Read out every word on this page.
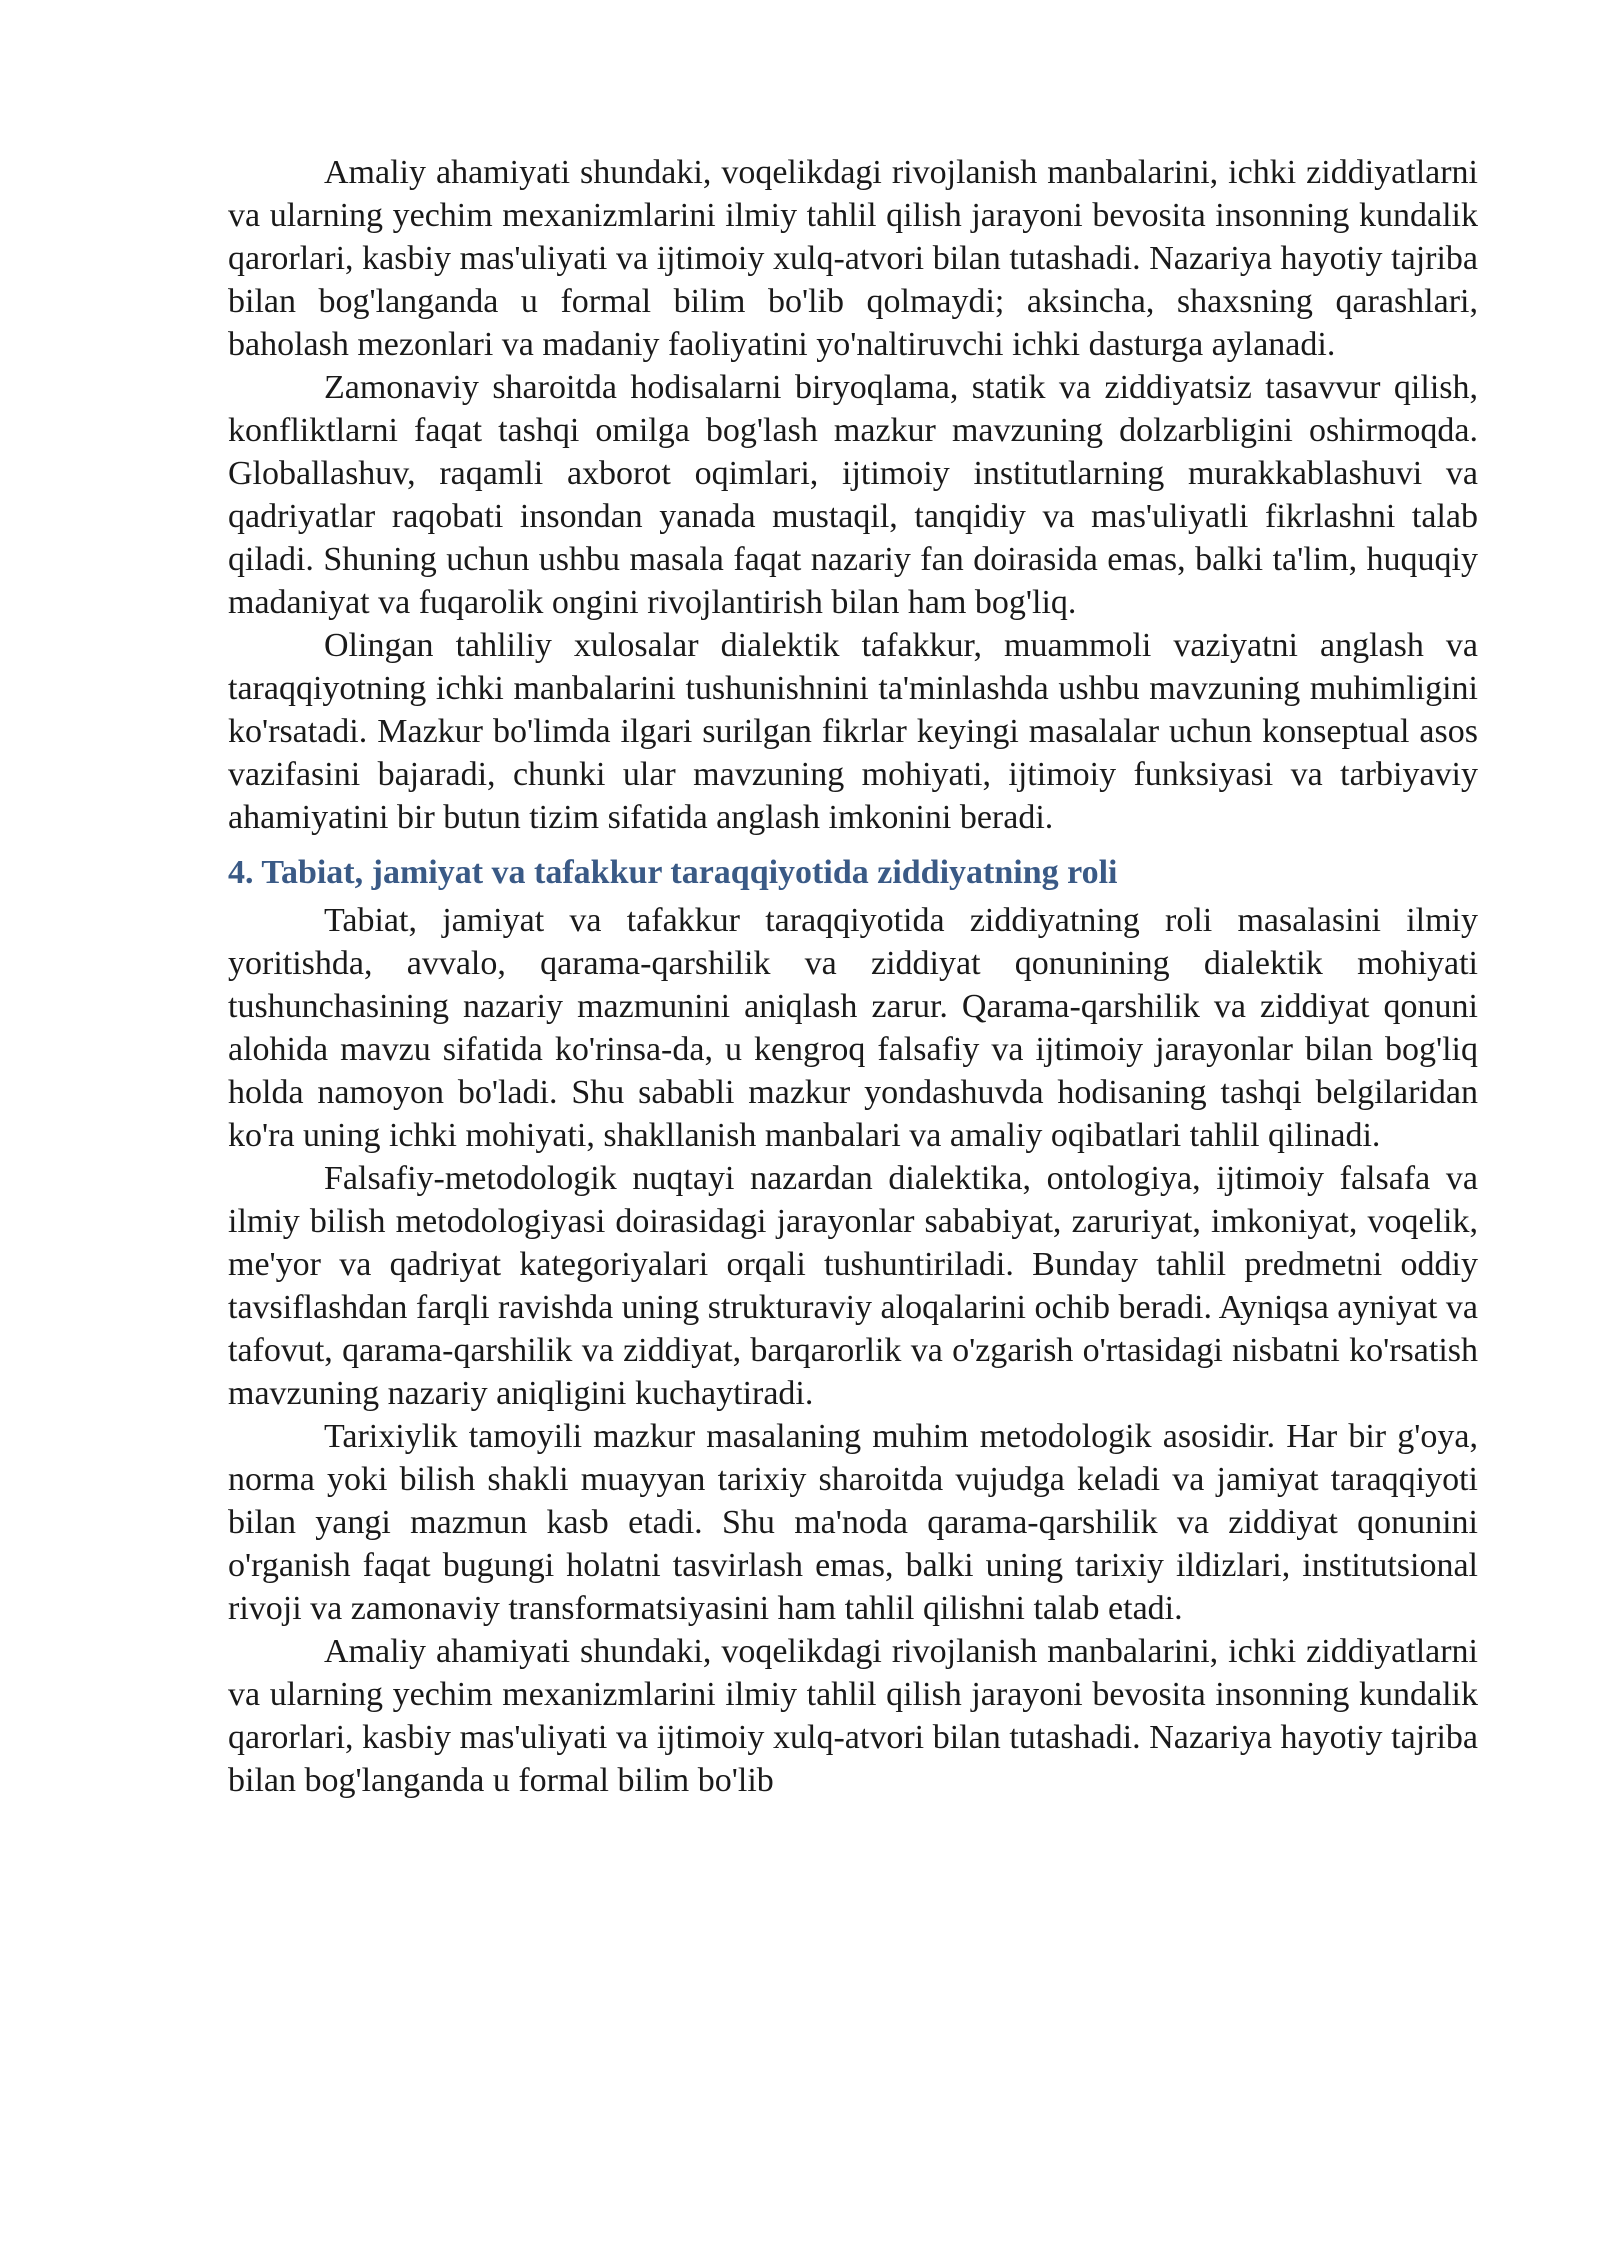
Amaliy ahamiyati shundaki, voqelikdagi rivojlanish manbalarini, ichki ziddiyatlarni va ularning yechim mexanizmlarini ilmiy tahlil qilish jarayoni bevosita insonning kundalik qarorlari, kasbiy mas'uliyati va ijtimoiy xulq-atvori bilan tutashadi. Nazariya hayotiy tajriba bilan bog'langanda u formal bilim bo'lib qolmaydi; aksincha, shaxsning qarashlari, baholash mezonlari va madaniy faoliyatini yo'naltiruvchi ichki dasturga aylanadi.

Zamonaviy sharoitda hodisalarni biryoqlama, statik va ziddiyatsiz tasavvur qilish, konfliktlarni faqat tashqi omilga bog'lash mazkur mavzuning dolzarbligini oshirmoqda. Globallashuv, raqamli axborot oqimlari, ijtimoiy institutlarning murakkablashuvi va qadriyatlar raqobati insondan yanada mustaqil, tanqidiy va mas'uliyatli fikrlashni talab qiladi. Shuning uchun ushbu masala faqat nazariy fan doirasida emas, balki ta'lim, huquqiy madaniyat va fuqarolik ongini rivojlantirish bilan ham bog'liq.

Olingan tahliliy xulosalar dialektik tafakkur, muammoli vaziyatni anglash va taraqqiyotning ichki manbalarini tushunishnini ta'minlashda ushbu mavzuning muhimligini ko'rsatadi. Mazkur bo'limda ilgari surilgan fikrlar keyingi masalalar uchun konseptual asos vazifasini bajaradi, chunki ular mavzuning mohiyati, ijtimoiy funksiyasi va tarbiyaviy ahamiyatini bir butun tizim sifatida anglash imkonini beradi.

4. Tabiat, jamiyat va tafakkur taraqqiyotida ziddiyatning roli

Tabiat, jamiyat va tafakkur taraqqiyotida ziddiyatning roli masalasini ilmiy yoritishda, avvalo, qarama-qarshilik va ziddiyat qonunining dialektik mohiyati tushunchasining nazariy mazmunini aniqlash zarur. Qarama-qarshilik va ziddiyat qonuni alohida mavzu sifatida ko'rinsa-da, u kengroq falsafiy va ijtimoiy jarayonlar bilan bog'liq holda namoyon bo'ladi. Shu sababli mazkur yondashuvda hodisaning tashqi belgilaridan ko'ra uning ichki mohiyati, shakllanish manbalari va amaliy oqibatlari tahlil qilinadi.

Falsafiy-metodologik nuqtayi nazardan dialektika, ontologiya, ijtimoiy falsafa va ilmiy bilish metodologiyasi doirasidagi jarayonlar sababiyat, zaruriyat, imkoniyat, voqelik, me'yor va qadriyat kategoriyalari orqali tushuntiriladi. Bunday tahlil predmetni oddiy tavsiflashdan farqli ravishda uning strukturaviy aloqalarini ochib beradi. Ayniqsa ayniyat va tafovut, qarama-qarshilik va ziddiyat, barqarorlik va o'zgarish o'rtasidagi nisbatni ko'rsatish mavzuning nazariy aniqligini kuchaytiradi.

Tarixiylik tamoyili mazkur masalaning muhim metodologik asosidir. Har bir g'oya, norma yoki bilish shakli muayyan tarixiy sharoitda vujudga keladi va jamiyat taraqqiyoti bilan yangi mazmun kasb etadi. Shu ma'noda qarama-qarshilik va ziddiyat qonunini o'rganish faqat bugungi holatni tasvirlash emas, balki uning tarixiy ildizlari, institutsional rivoji va zamonaviy transformatsiyasini ham tahlil qilishni talab etadi.

Amaliy ahamiyati shundaki, voqelikdagi rivojlanish manbalarini, ichki ziddiyatlarni va ularning yechim mexanizmlarini ilmiy tahlil qilish jarayoni bevosita insonning kundalik qarorlari, kasbiy mas'uliyati va ijtimoiy xulq-atvori bilan tutashadi. Nazariya hayotiy tajriba bilan bog'langanda u formal bilim bo'lib
